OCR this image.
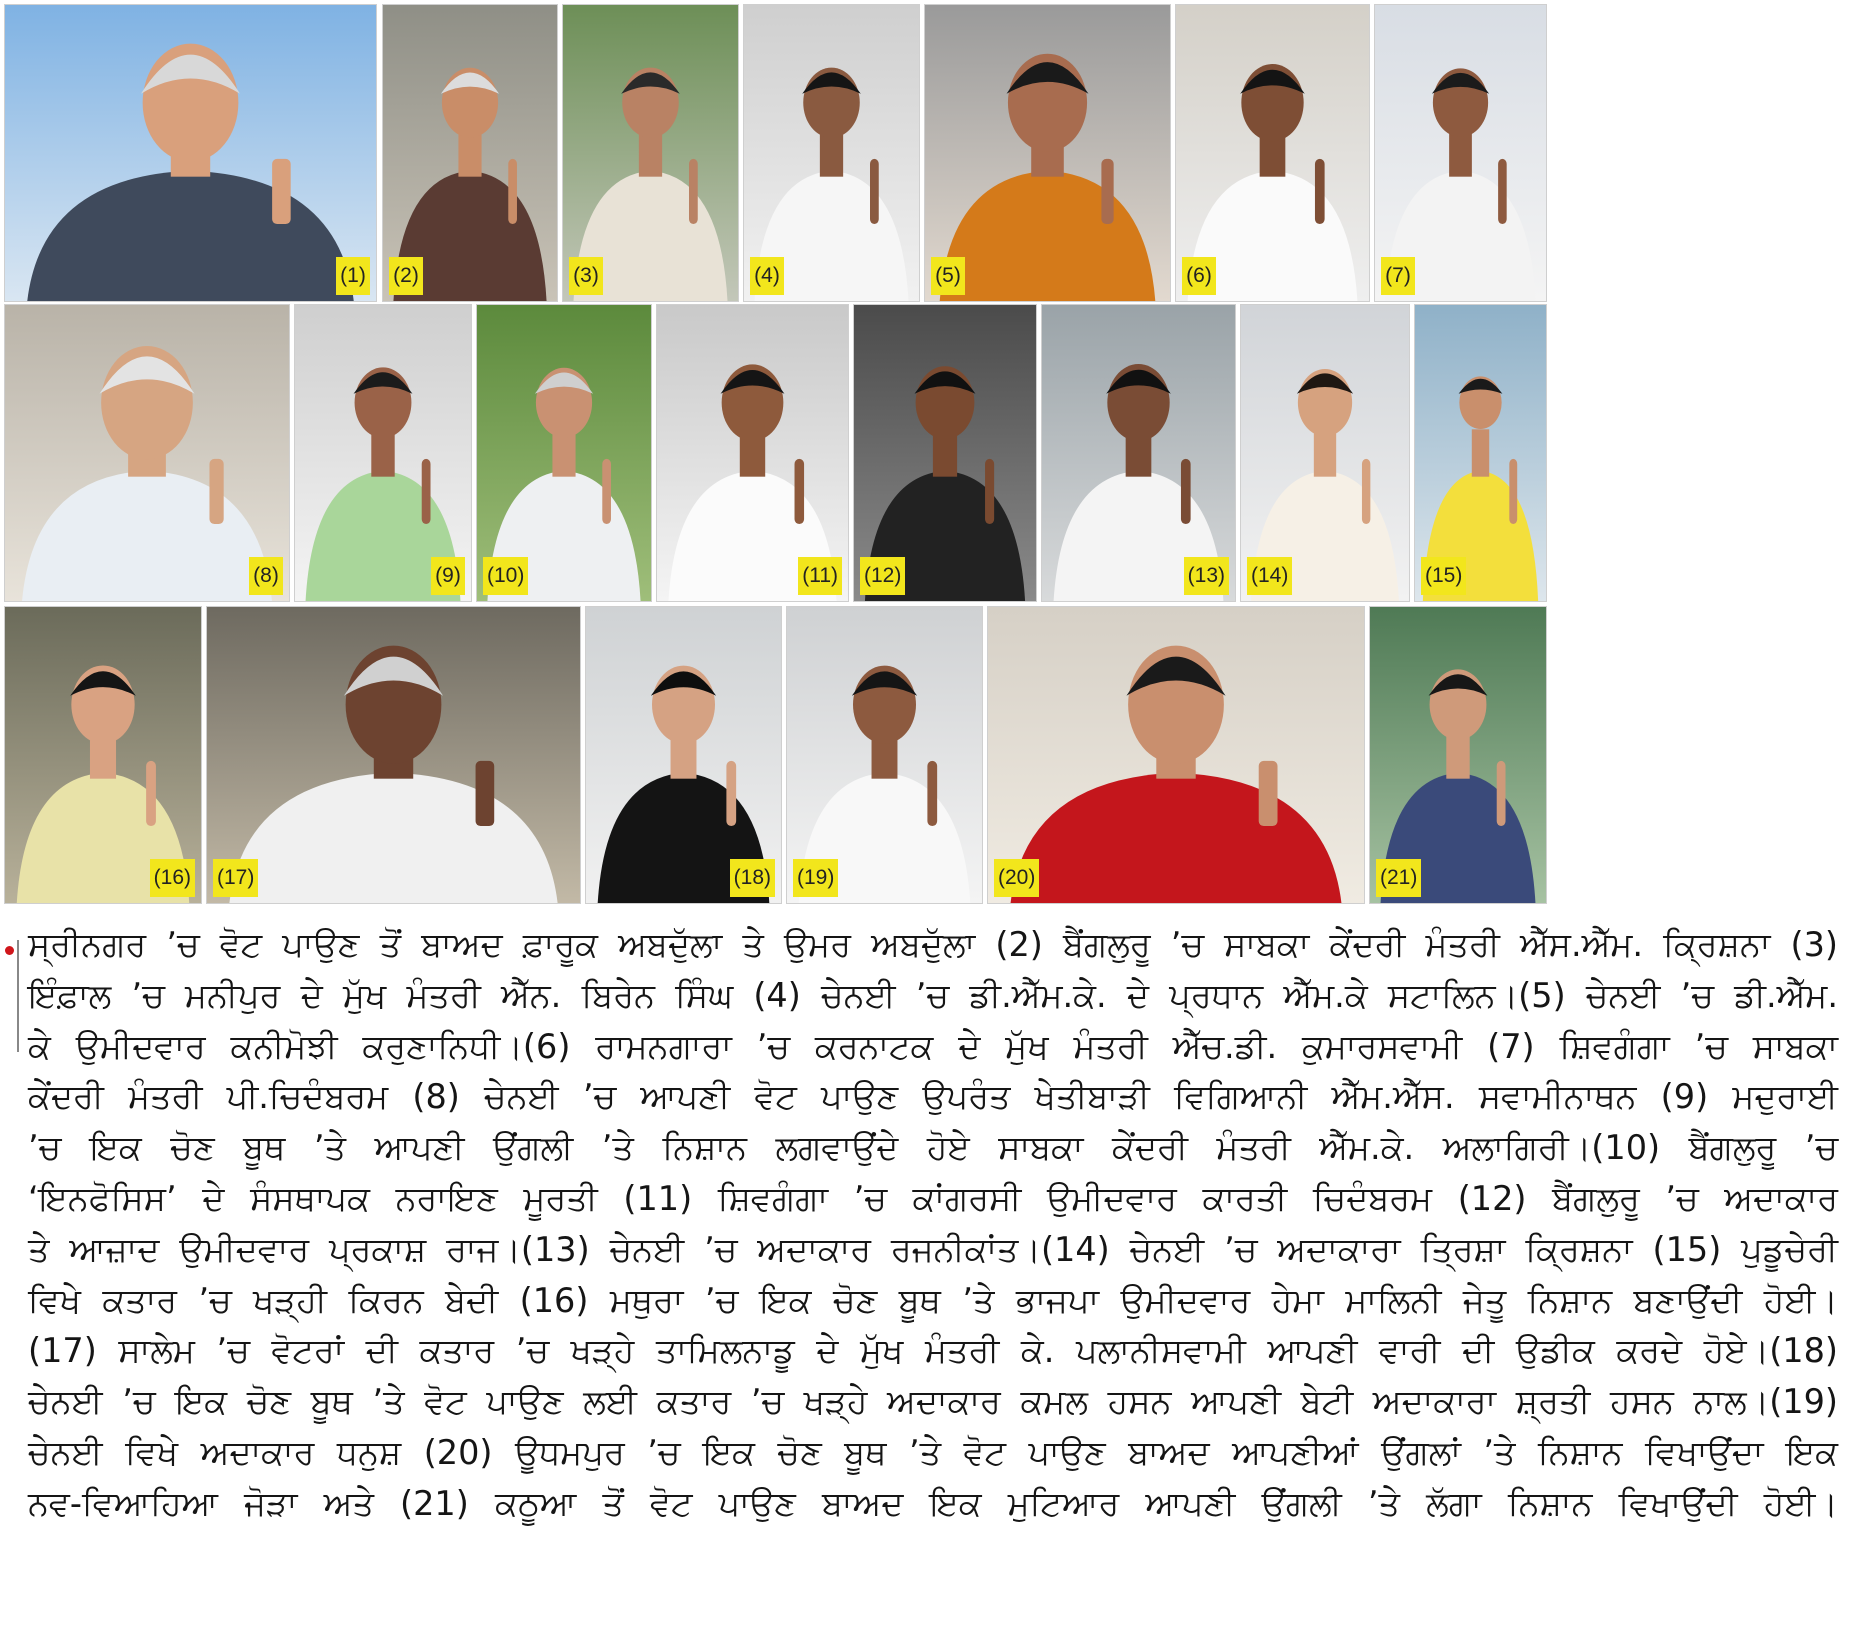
(1) (2)	(3)	(4)	(5)	(6)	(7)
(8)	(9) (10)	(11) (12)	(13) (14)	(15)
(16) (17)	(18) (19)	(20)	(21)
ਸ੍ਰੀਨਗਰ ’ਚ ਵੋਟ ਪਾਉਣ ਤੋਂ ਬਾਅਦ ਫ਼ਾਰੂਕ ਅਬਦੁੱਲਾ ਤੇ ਉਮਰ ਅਬਦੁੱਲਾ (2) ਬੈਂਗਲੁਰੂ ’ਚ ਸਾਬਕਾ ਕੇਂਦਰੀ ਮੰਤਰੀ ਐੱਸ.ਐੱਮ. ਕ੍ਰਿਸ਼ਨਾ (3)
ਇੰਫ਼ਾਲ ’ਚ ਮਨੀਪੁਰ ਦੇ ਮੁੱਖ ਮੰਤਰੀ ਐੱਨ. ਬਿਰੇਨ ਸਿੰਘ (4) ਚੇਨਈ ’ਚ ਡੀ.ਐੱਮ.ਕੇ. ਦੇ ਪ੍ਰਧਾਨ ਐੱਮ.ਕੇ ਸਟਾਲਿਨ।(5) ਚੇਨਈ ’ਚ ਡੀ.ਐੱਮ.
ਕੇ ਉਮੀਦਵਾਰ ਕਨੀਮੋਝੀ ਕਰੁਣਾਨਿਧੀ।(6) ਰਾਮਨਗਾਰਾ ’ਚ ਕਰਨਾਟਕ ਦੇ ਮੁੱਖ ਮੰਤਰੀ ਐੱਚ.ਡੀ. ਕੁਮਾਰਸਵਾਮੀ (7) ਸ਼ਿਵਗੰਗਾ ’ਚ ਸਾਬਕਾ
ਕੇਂਦਰੀ ਮੰਤਰੀ ਪੀ.ਚਿਦੰਬਰਮ (8) ਚੇਨਈ ’ਚ ਆਪਣੀ ਵੋਟ ਪਾਉਣ ਉਪਰੰਤ ਖੇਤੀਬਾੜੀ ਵਿਗਿਆਨੀ ਐੱਮ.ਐੱਸ. ਸਵਾਮੀਨਾਥਨ (9) ਮਦੁਰਾਈ
’ਚ ਇਕ ਚੋਣ ਬੂਥ ’ਤੇ ਆਪਣੀ ਉਂਗਲੀ ’ਤੇ ਨਿਸ਼ਾਨ ਲਗਵਾਉਂਦੇ ਹੋਏ ਸਾਬਕਾ ਕੇਂਦਰੀ ਮੰਤਰੀ ਐੱਮ.ਕੇ. ਅਲਾਗਿਰੀ।(10) ਬੈਂਗਲੁਰੂ ’ਚ
‘ਇਨਫੋਸਿਸ’ ਦੇ ਸੰਸਥਾਪਕ ਨਰਾਇਣ ਮੂਰਤੀ (11) ਸ਼ਿਵਗੰਗਾ ’ਚ ਕਾਂਗਰਸੀ ਉਮੀਦਵਾਰ ਕਾਰਤੀ ਚਿਦੰਬਰਮ (12) ਬੈਂਗਲੁਰੂ ’ਚ ਅਦਾਕਾਰ
ਤੇ ਆਜ਼ਾਦ ਉਮੀਦਵਾਰ ਪ੍ਰਕਾਸ਼ ਰਾਜ।(13) ਚੇਨਈ ’ਚ ਅਦਾਕਾਰ ਰਜਨੀਕਾਂਤ।(14) ਚੇਨਈ ’ਚ ਅਦਾਕਾਰਾ ਤ੍ਰਿਸ਼ਾ ਕ੍ਰਿਸ਼ਨਾ (15) ਪੁਡੂਚੇਰੀ
ਵਿਖੇ ਕਤਾਰ ’ਚ ਖੜ੍ਹੀ ਕਿਰਨ ਬੇਦੀ (16) ਮਥੁਰਾ ’ਚ ਇਕ ਚੋਣ ਬੂਥ ’ਤੇ ਭਾਜਪਾ ਉਮੀਦਵਾਰ ਹੇਮਾ ਮਾਲਿਨੀ ਜੇਤੂ ਨਿਸ਼ਾਨ ਬਣਾਉਂਦੀ ਹੋਈ।
(17) ਸਾਲੇਮ ’ਚ ਵੋਟਰਾਂ ਦੀ ਕਤਾਰ ’ਚ ਖੜ੍ਹੇ ਤਾਮਿਲਨਾਡੂ ਦੇ ਮੁੱਖ ਮੰਤਰੀ ਕੇ. ਪਲਾਨੀਸਵਾਮੀ ਆਪਣੀ ਵਾਰੀ ਦੀ ਉਡੀਕ ਕਰਦੇ ਹੋਏ।(18)
ਚੇਨਈ ’ਚ ਇਕ ਚੋਣ ਬੂਥ ’ਤੇ ਵੋਟ ਪਾਉਣ ਲਈ ਕਤਾਰ ’ਚ ਖੜ੍ਹੇ ਅਦਾਕਾਰ ਕਮਲ ਹਸਨ ਆਪਣੀ ਬੇਟੀ ਅਦਾਕਾਰਾ ਸ਼੍ਰਤੀ ਹਸਨ ਨਾਲ।(19)
ਚੇਨਈ ਵਿਖੇ ਅਦਾਕਾਰ ਧਨੁਸ਼ (20) ਊਧਮਪੁਰ ’ਚ ਇਕ ਚੋਣ ਬੂਥ ’ਤੇ ਵੋਟ ਪਾਉਣ ਬਾਅਦ ਆਪਣੀਆਂ ਉਂਗਲਾਂ ’ਤੇ ਨਿਸ਼ਾਨ ਵਿਖਾਉਂਦਾ ਇਕ
ਨਵ-ਵਿਆਹਿਆ ਜੋੜਾ ਅਤੇ (21) ਕਠੂਆ ਤੋਂ ਵੋਟ ਪਾਉਣ ਬਾਅਦ ਇਕ ਮੁਟਿਆਰ ਆਪਣੀ ਉਂਗਲੀ ’ਤੇ ਲੱਗਾ ਨਿਸ਼ਾਨ ਵਿਖਾਉਂਦੀ ਹੋਈ।
